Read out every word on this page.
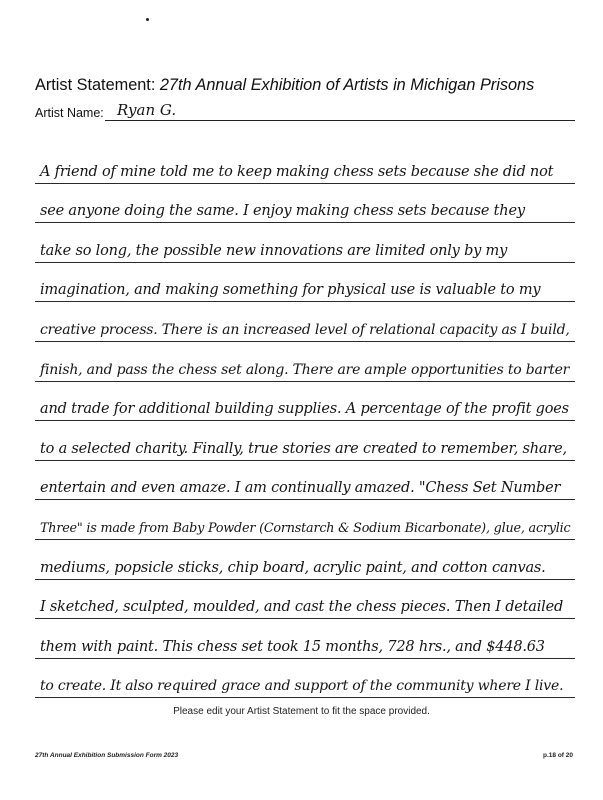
Artist Statement: 27th Annual Exhibition of Artists in Michigan Prisons
Artist Name: Ryan G.
A friend of mine told me to keep making chess sets because she did not
see anyone doing the same. I enjoy making chess sets because they
take so long, the possible new innovations are limited only by my
imagination, and making something for physical use is valuable to my
creative process. There is an increased level of relational capacity as I build,
finish, and pass the chess set along. There are ample opportunities to barter
and trade for additional building supplies. A percentage of the profit goes
to a selected charity. Finally, true stories are created to remember, share,
entertain and even amaze. I am continually amazed. "Chess Set Number
Three" is made from Baby Powder (Cornstarch & Sodium Bicarbonate), glue, acrylic
mediums, popsicle sticks, chip board, acrylic paint, and cotton canvas.
I sketched, sculpted, moulded, and cast the chess pieces. Then I detailed
them with paint. This chess set took 15 months, 728 hrs., and $448.63
to create. It also required grace and support of the community where I live.
Please edit your Artist Statement to fit the space provided.
27th Annual Exhibition Submission Form 2023	p.18 of 20
